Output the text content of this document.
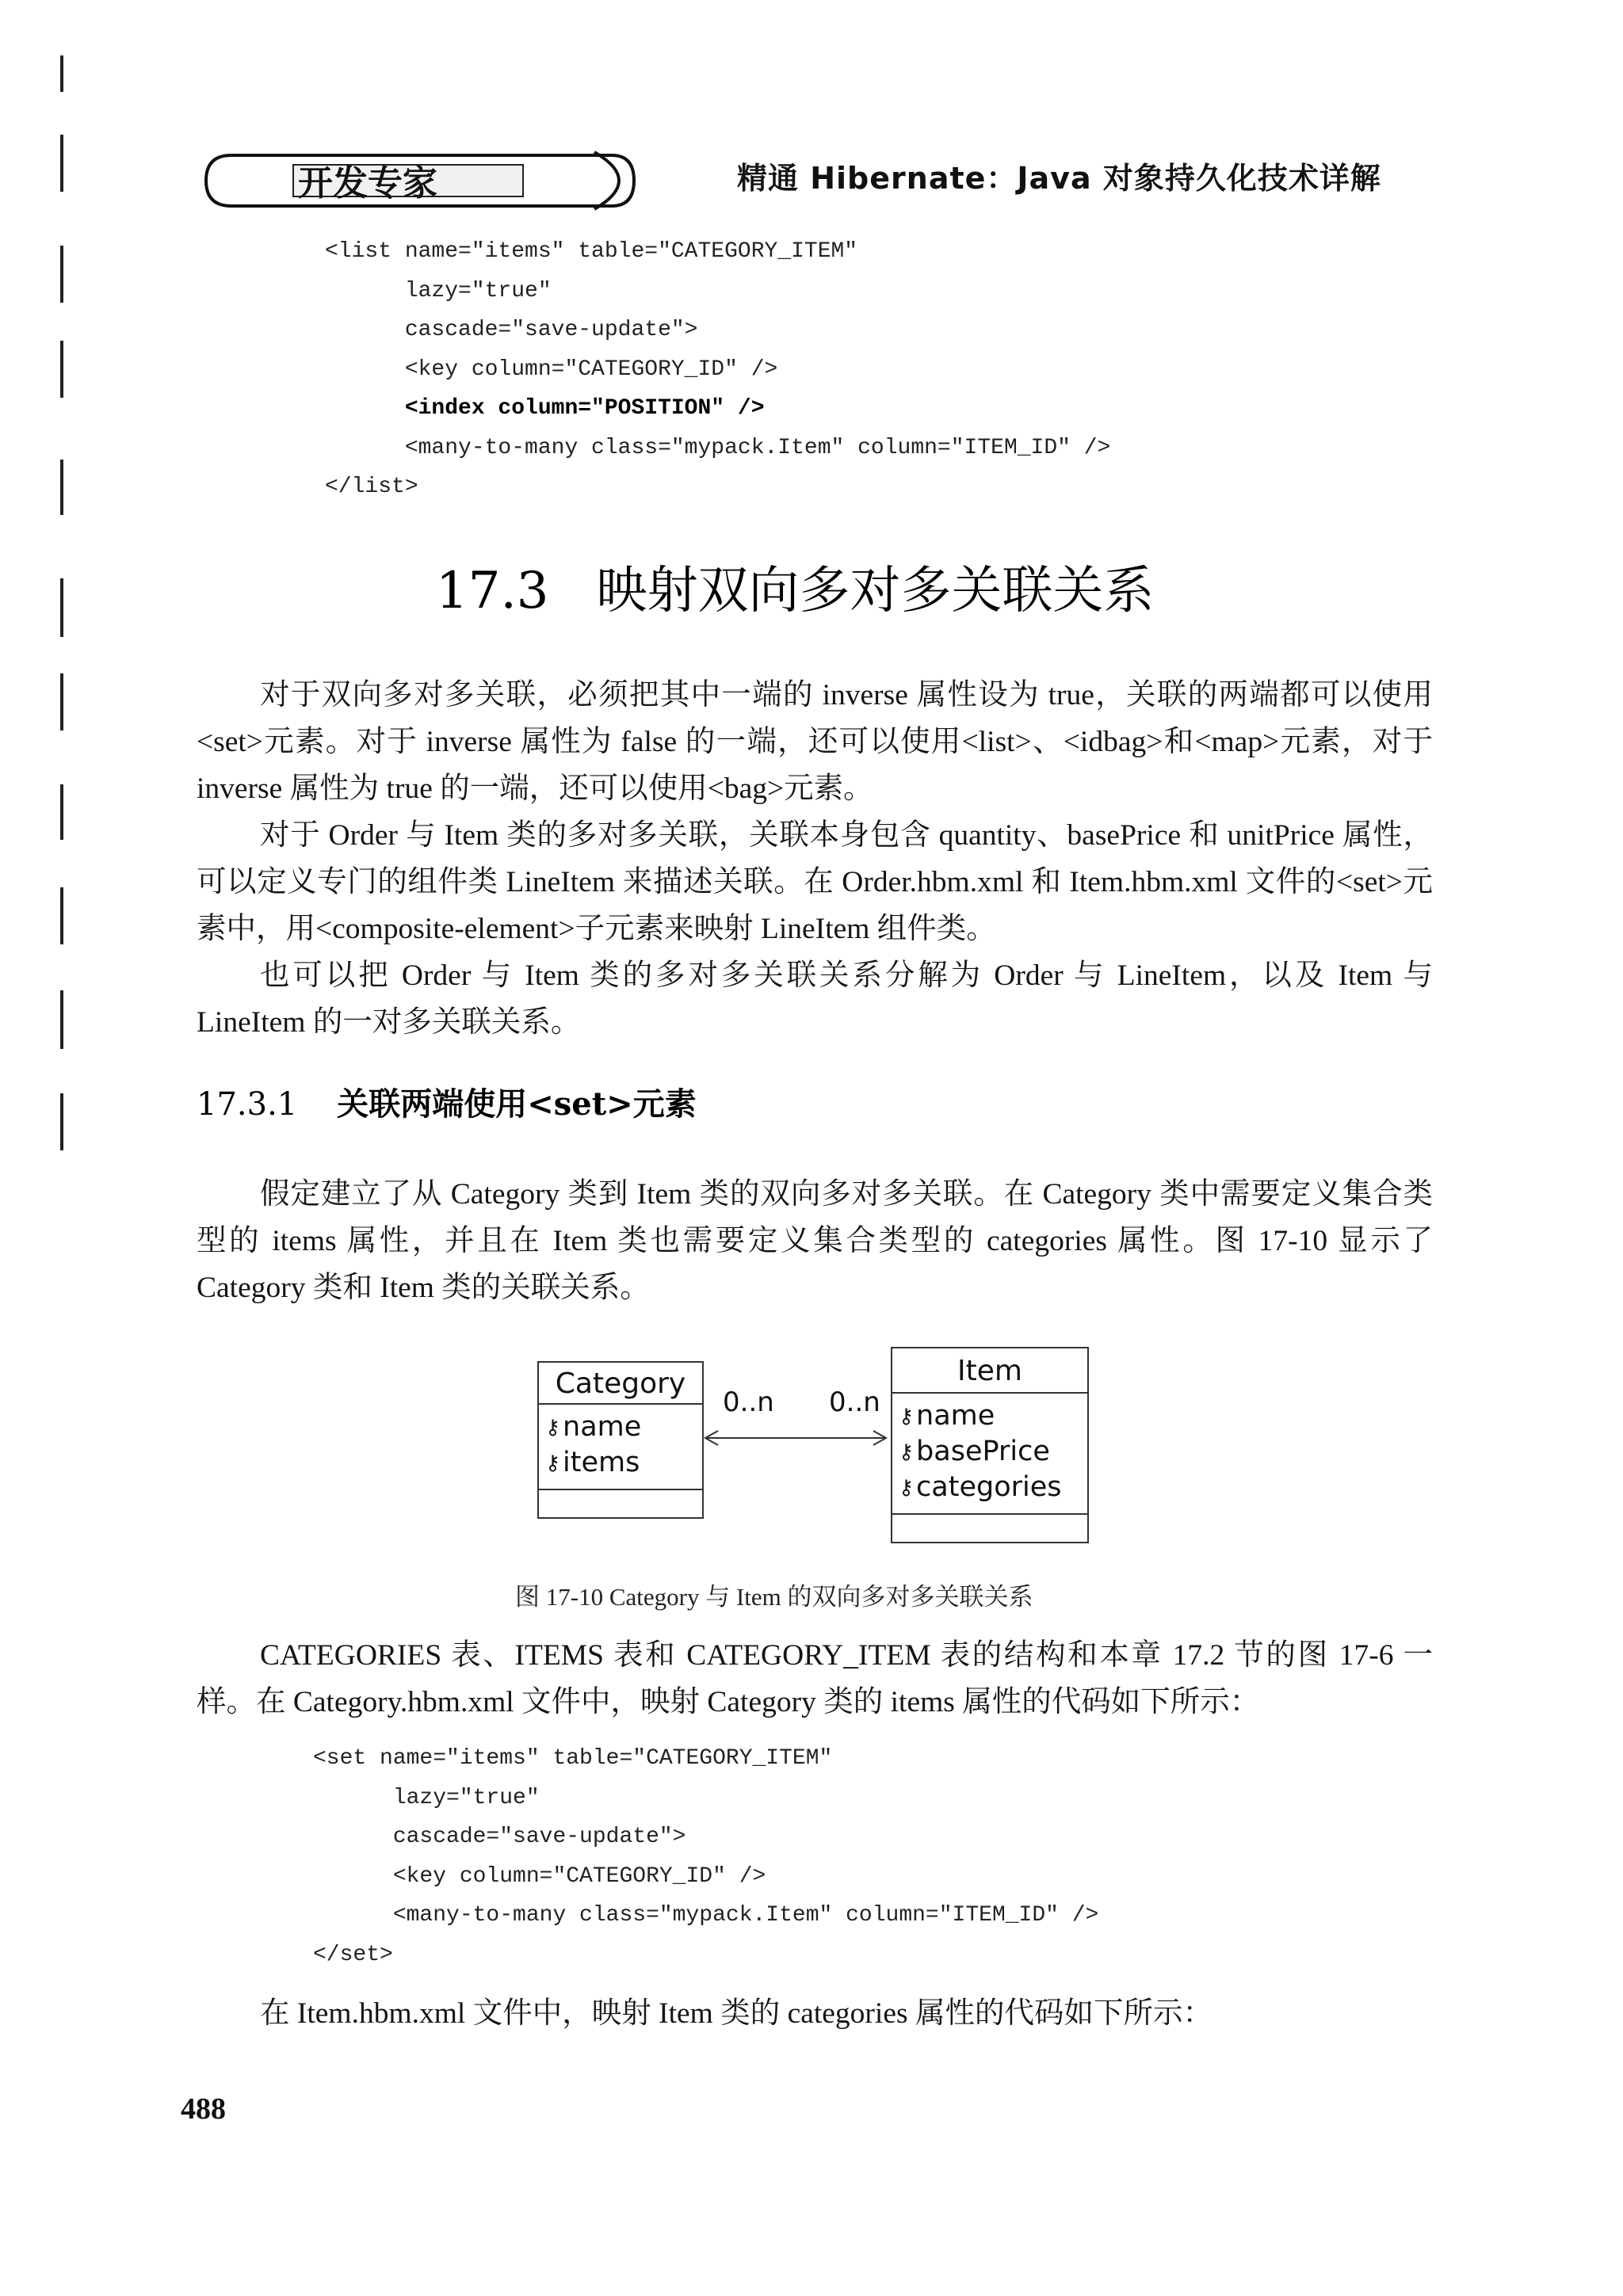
开发专家	精通 Hibernate：Java 对象持久化技术详解
<list name="items" table="CATEGORY_ITEM"
lazy="true"
cascade="save-update">
<key column="CATEGORY_ID" />
<index column="POSITION" />
<many-to-many class="mypack.Item" column="ITEM_ID" />
</list>
17.3 映射双向多对多关联关系

对于双向多对多关联，必须把其中一端的 inverse 属性设为 true，关联的两端都可以使用<set>元素。对于 inverse 属性为 false 的一端，还可以使用<list>、<idbag>和<map>元素，对于 inverse 属性为 true 的一端，还可以使用<bag>元素。

对于 Order 与 Item 类的多对多关联，关联本身包含 quantity、basePrice 和 unitPrice 属性，可以定义专门的组件类 LineItem 来描述关联。在 Order.hbm.xml 和 Item.hbm.xml 文件的<set>元素中，用<composite-element>子元素来映射 LineItem 组件类。

也可以把 Order 与 Item 类的多对多关联关系分解为 Order 与 LineItem，以及 Item 与 LineItem 的一对多关联关系。

17.3.1 关联两端使用<set>元素

假定建立了从 Category 类到 Item 类的双向多对多关联。在 Category 类中需要定义集合类型的 items 属性，并且在 Item 类也需要定义集合类型的 categories 属性。图 17-10 显示了 Category 类和 Item 类的关联关系。

Category
⚷name
⚷items
0..n 0..n
Item
⚷name
⚷basePrice
⚷categories
图 17-10 Category 与 Item 的双向多对多关联关系

CATEGORIES 表、ITEMS 表和 CATEGORY_ITEM 表的结构和本章 17.2 节的图 17-6 一样。在 Category.hbm.xml 文件中，映射 Category 类的 items 属性的代码如下所示：

<set name="items" table="CATEGORY_ITEM"
lazy="true"
cascade="save-update">
<key column="CATEGORY_ID" />
<many-to-many class="mypack.Item" column="ITEM_ID" />
</set>

在 Item.hbm.xml 文件中，映射 Item 类的 categories 属性的代码如下所示：

488
